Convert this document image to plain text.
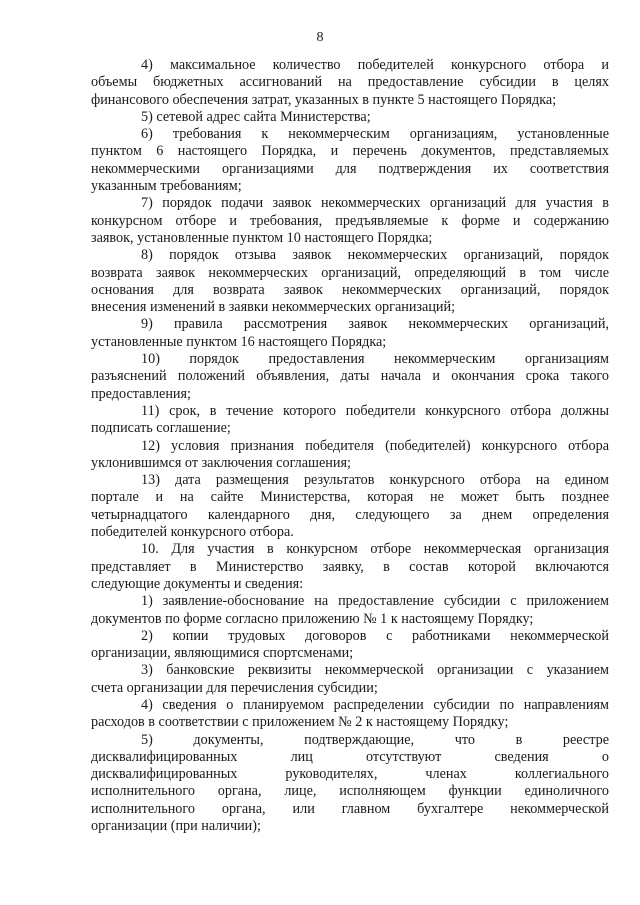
8
4) максимальное количество победителей конкурсного отбора и
объемы бюджетных ассигнований на предоставление субсидии в целях
финансового обеспечения затрат, указанных в пункте 5 настоящего Порядка;
5) сетевой адрес сайта Министерства;
6) требования к некоммерческим организациям, установленные
пунктом 6 настоящего Порядка, и перечень документов, представляемых
некоммерческими организациями для подтверждения их соответствия
указанным требованиям;
7) порядок подачи заявок некоммерческих организаций для участия в
конкурсном отборе и требования, предъявляемые к форме и содержанию
заявок, установленные пунктом 10 настоящего Порядка;
8) порядок отзыва заявок некоммерческих организаций, порядок
возврата заявок некоммерческих организаций, определяющий в том числе
основания для возврата заявок некоммерческих организаций, порядок
внесения изменений в заявки некоммерческих организаций;
9) правила рассмотрения заявок некоммерческих организаций,
установленные пунктом 16 настоящего Порядка;
10) порядок предоставления некоммерческим организациям
разъяснений положений объявления, даты начала и окончания срока такого
предоставления;
11) срок, в течение которого победители конкурсного отбора должны
подписать соглашение;
12) условия признания победителя (победителей) конкурсного отбора
уклонившимся от заключения соглашения;
13) дата размещения результатов конкурсного отбора на едином
портале и на сайте Министерства, которая не может быть позднее
четырнадцатого календарного дня, следующего за днем определения
победителей конкурсного отбора.
10. Для участия в конкурсном отборе некоммерческая организация
представляет в Министерство заявку, в состав которой включаются
следующие документы и сведения:
1) заявление-обоснование на предоставление субсидии с приложением
документов по форме согласно приложению № 1 к настоящему Порядку;
2) копии трудовых договоров с работниками некоммерческой
организации, являющимися спортсменами;
3) банковские реквизиты некоммерческой организации с указанием
счета организации для перечисления субсидии;
4) сведения о планируемом распределении субсидии по направлениям
расходов в соответствии с приложением № 2 к настоящему Порядку;
5) документы, подтверждающие, что в реестре
дисквалифицированных лиц отсутствуют сведения о
дисквалифицированных руководителях, членах коллегиального
исполнительного органа, лице, исполняющем функции единоличного
исполнительного органа, или главном бухгалтере некоммерческой
организации (при наличии);
